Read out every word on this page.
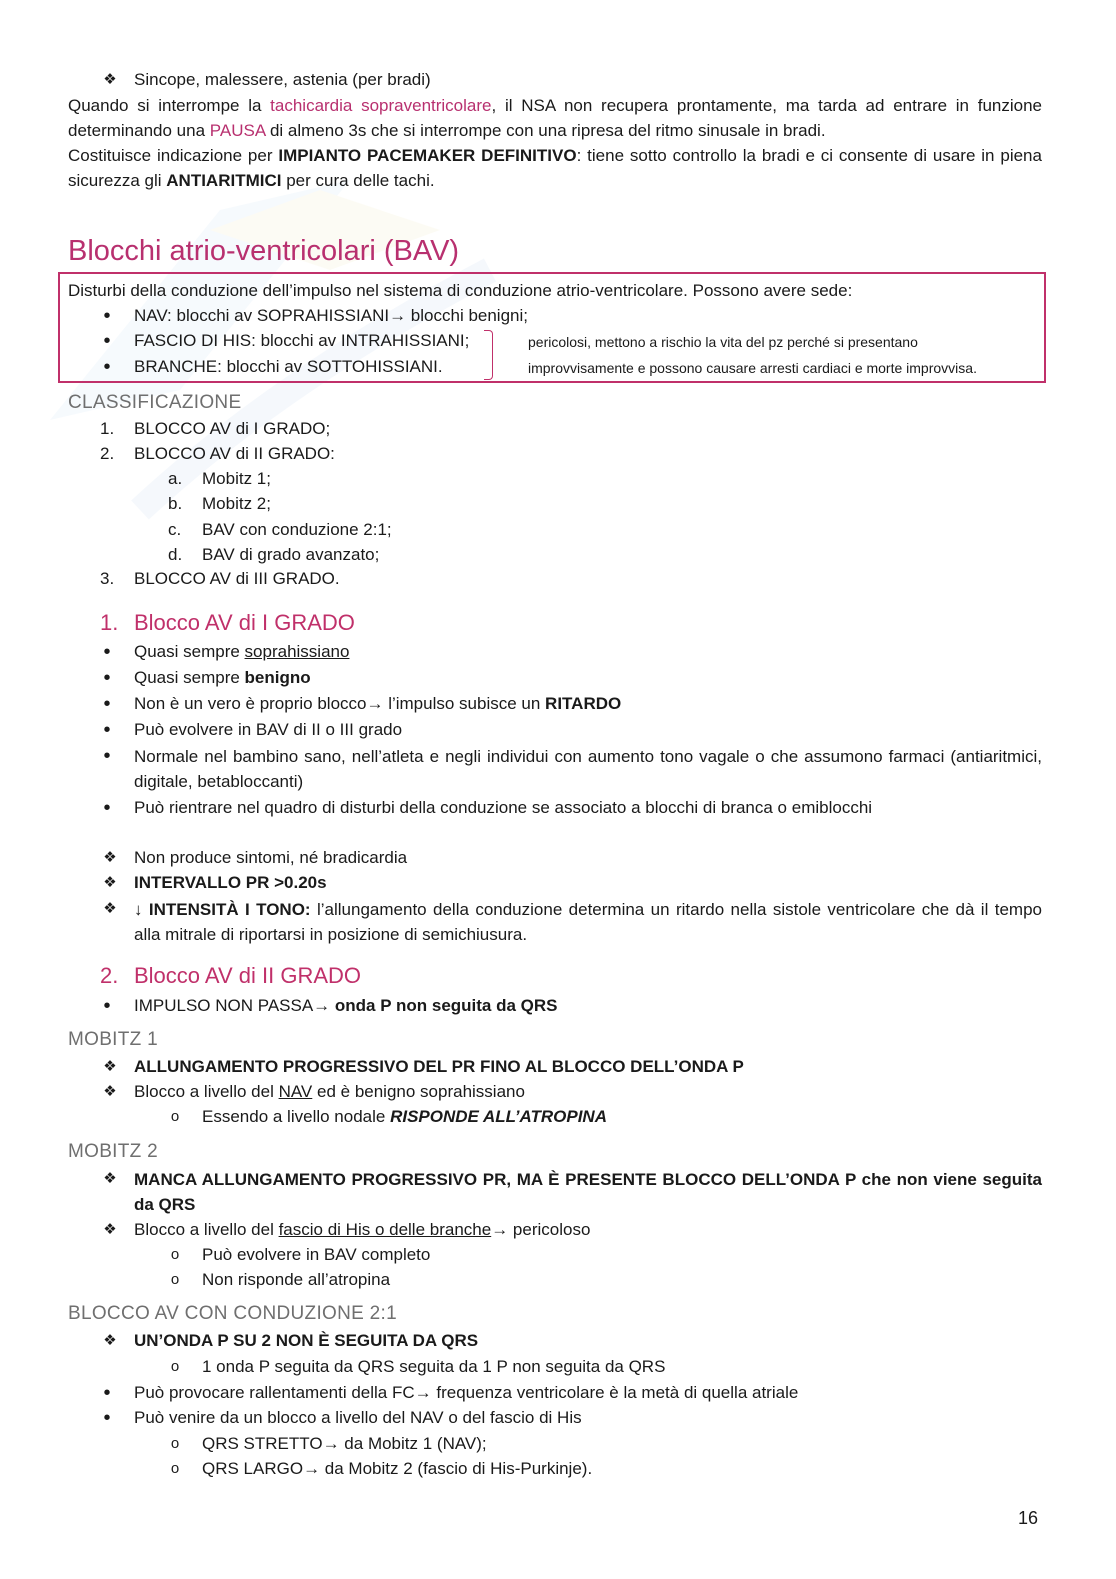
❖	Sincope, malessere, astenia (per bradi)
Quando si interrompe la tachicardia sopraventricolare, il NSA non recupera prontamente, ma tarda ad entrare in funzione determinando una PAUSA di almeno 3s che si interrompe con una ripresa del ritmo sinusale in bradi.
Costituisce indicazione per IMPIANTO PACEMAKER DEFINITIVO: tiene sotto controllo la bradi e ci consente di usare in piena sicurezza gli ANTIARITMICI per cura delle tachi.
Blocchi atrio-ventricolari (BAV)
Disturbi della conduzione dell’impulso nel sistema di conduzione atrio-ventricolare. Possono avere sede:
•	NAV: blocchi av SOPRAHISSIANI→ blocchi benigni;
•	FASCIO DI HIS: blocchi av INTRAHISSIANI;
•	BRANCHE: blocchi av SOTTOHISSIANI.
pericolosi, mettono a rischio la vita del pz perché si presentano
improvvisamente e possono causare arresti cardiaci e morte improvvisa.
CLASSIFICAZIONE
1. BLOCCO AV di I GRADO;
2. BLOCCO AV di II GRADO:
a. Mobitz 1;
b. Mobitz 2;
c. BAV con conduzione 2:1;
d. BAV di grado avanzato;
3. BLOCCO AV di III GRADO.
1. Blocco AV di I GRADO
•	Quasi sempre soprahissiano
•	Quasi sempre benigno
•	Non è un vero è proprio blocco→ l’impulso subisce un RITARDO
•	Può evolvere in BAV di II o III grado
•	Normale nel bambino sano, nell’atleta e negli individui con aumento tono vagale o che assumono farmaci (antiaritmici, digitale, betabloccanti)
•	Può rientrare nel quadro di disturbi della conduzione se associato a blocchi di branca o emiblocchi
❖	Non produce sintomi, né bradicardia
❖	INTERVALLO PR >0.20s
❖	↓ INTENSITÀ I TONO: l’allungamento della conduzione determina un ritardo nella sistole ventricolare che dà il tempo alla mitrale di riportarsi in posizione di semichiusura.
2. Blocco AV di II GRADO
•	IMPULSO NON PASSA→ onda P non seguita da QRS
MOBITZ 1
❖	ALLUNGAMENTO PROGRESSIVO DEL PR FINO AL BLOCCO DELL’ONDA P
❖	Blocco a livello del NAV ed è benigno soprahissiano
o	Essendo a livello nodale RISPONDE ALL’ATROPINA
MOBITZ 2
❖	MANCA ALLUNGAMENTO PROGRESSIVO PR, MA È PRESENTE BLOCCO DELL’ONDA P che non viene seguita da QRS
❖	Blocco a livello del fascio di His o delle branche→ pericoloso
o	Può evolvere in BAV completo
o	Non risponde all’atropina
BLOCCO AV CON CONDUZIONE 2:1
❖	UN’ONDA P SU 2 NON È SEGUITA DA QRS
o	1 onda P seguita da QRS seguita da 1 P non seguita da QRS
•	Può provocare rallentamenti della FC→ frequenza ventricolare è la metà di quella atriale
•	Può venire da un blocco a livello del NAV o del fascio di His
o	QRS STRETTO→ da Mobitz 1 (NAV);
o	QRS LARGO→ da Mobitz 2 (fascio di His-Purkinje).
16
